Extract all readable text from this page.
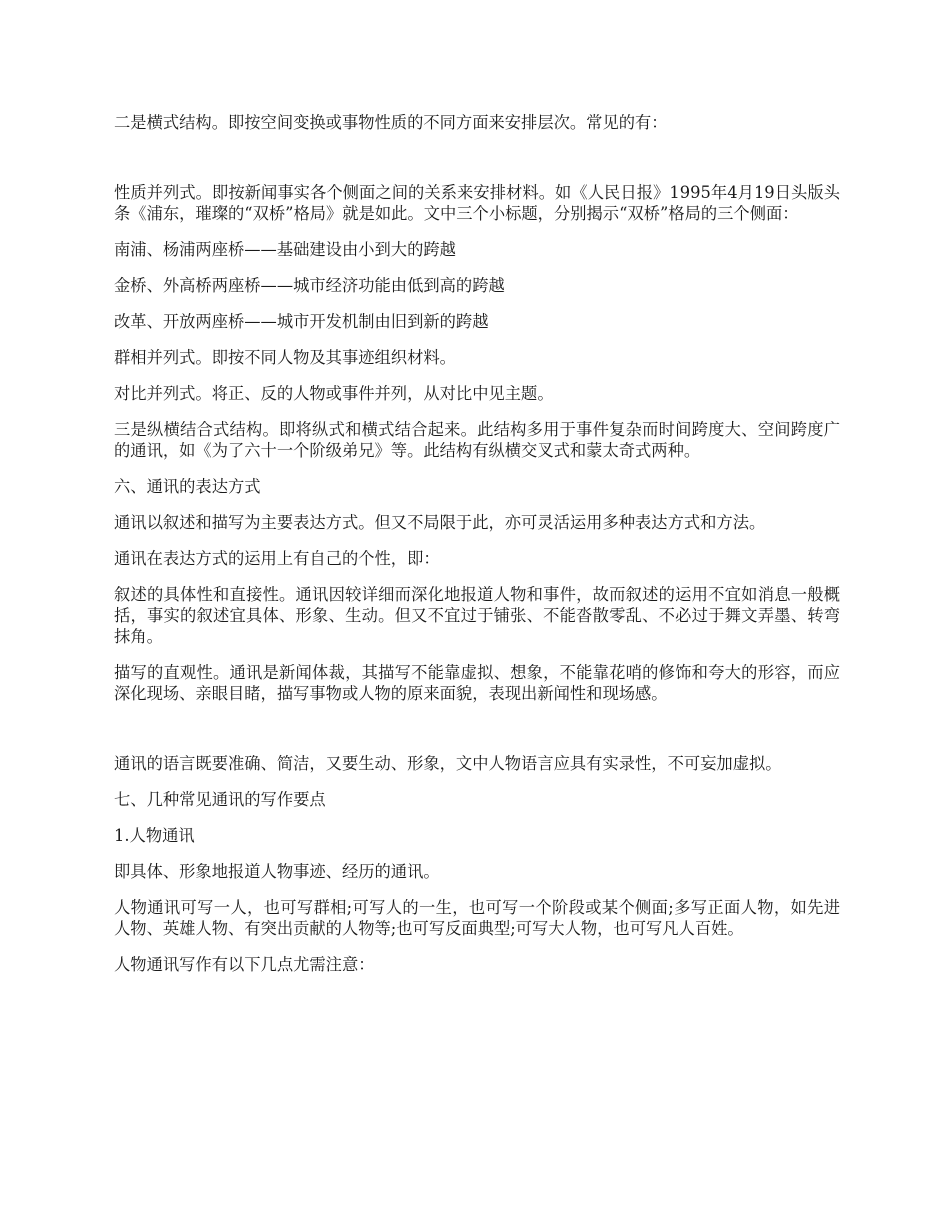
二是横式结构。即按空间变换或事物性质的不同方面来安排层次。常见的有：

性质并列式。即按新闻事实各个侧面之间的关系来安排材料。如《人民日报》1995年4月19日头版头条《浦东，璀璨的“双桥”格局》就是如此。文中三个小标题，分别揭示“双桥”格局的三个侧面：

南浦、杨浦两座桥——基础建设由小到大的跨越

金桥、外高桥两座桥——城市经济功能由低到高的跨越

改革、开放两座桥——城市开发机制由旧到新的跨越

群相并列式。即按不同人物及其事迹组织材料。

对比并列式。将正、反的人物或事件并列，从对比中见主题。

三是纵横结合式结构。即将纵式和横式结合起来。此结构多用于事件复杂而时间跨度大、空间跨度广的通讯，如《为了六十一个阶级弟兄》等。此结构有纵横交叉式和蒙太奇式两种。

六、通讯的表达方式

通讯以叙述和描写为主要表达方式。但又不局限于此，亦可灵活运用多种表达方式和方法。

通讯在表达方式的运用上有自己的个性，即：

叙述的具体性和直接性。通讯因较详细而深化地报道人物和事件，故而叙述的运用不宜如消息一般概括，事实的叙述宜具体、形象、生动。但又不宜过于铺张、不能沓散零乱、不必过于舞文弄墨、转弯抹角。

描写的直观性。通讯是新闻体裁，其描写不能靠虚拟、想象，不能靠花哨的修饰和夸大的形容，而应深化现场、亲眼目睹，描写事物或人物的原来面貌，表现出新闻性和现场感。

通讯的语言既要准确、简洁，又要生动、形象，文中人物语言应具有实录性，不可妄加虚拟。

七、几种常见通讯的写作要点

1.人物通讯

即具体、形象地报道人物事迹、经历的通讯。

人物通讯可写一人，也可写群相;可写人的一生，也可写一个阶段或某个侧面;多写正面人物，如先进人物、英雄人物、有突出贡献的人物等;也可写反面典型;可写大人物，也可写凡人百姓。

人物通讯写作有以下几点尤需注意：
